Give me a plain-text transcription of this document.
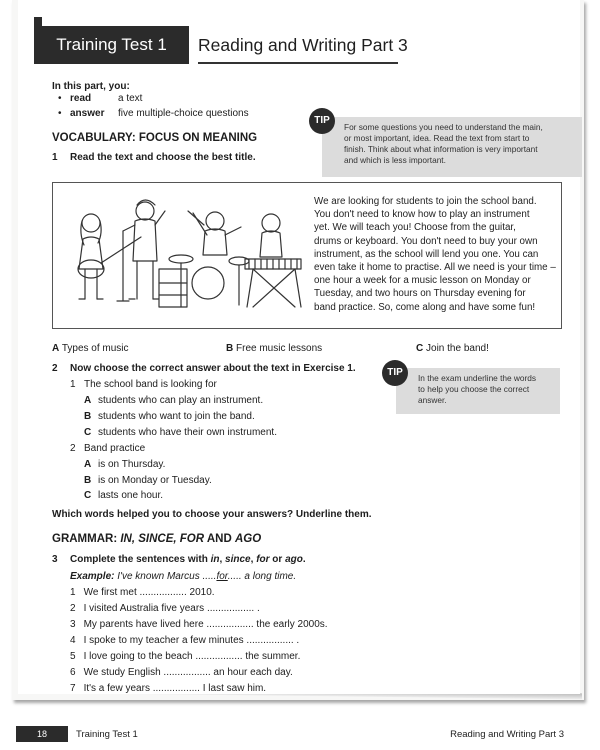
Training Test 1	Reading and Writing Part 3
In this part, you:
• read	a text
• answer five multiple-choice questions
VOCABULARY: FOCUS ON MEANING
1 Read the text and choose the best title.
For some questions you need to understand the main,
or most important, idea. Read the text from start to
finish. Think about what information is very important
and which is less important.
TIP
We are looking for students to join the school band.
You don't need to know how to play an instrument
yet. We will teach you! Choose from the guitar,
drums or keyboard. You don't need to buy your own
instrument, as the school will lend you one. You can
even take it home to practise. All we need is your time –
one hour a week for a music lesson on Monday or
Tuesday, and two hours on Thursday evening for
band practice. So, come along and have some fun!
A Types of music	B Free music lessons	C Join the band!
2 Now choose the correct answer about the text in Exercise 1.
1 The school band is looking for
A students who can play an instrument.
B students who want to join the band.
C students who have their own instrument.
2 Band practice
A is on Thursday.
B is on Monday or Tuesday.
C lasts one hour.
Which words helped you to choose your answers? Underline them.
In the exam underline the words
to help you choose the correct
answer.
TIP
GRAMMAR: IN, SINCE, FOR AND AGO
3 Complete the sentences with in, since, for or ago.
Example: I've known Marcus .....for..... a long time.
1 We first met ................. 2010.
2 I visited Australia five years ................. .
3 My parents have lived here ................. the early 2000s.
4 I spoke to my teacher a few minutes ................. .
5 I love going to the beach ................. the summer.
6 We study English ................. an hour each day.
7 It's a few years ................. I last saw him.
18	Training Test 1	Reading and Writing Part 3
